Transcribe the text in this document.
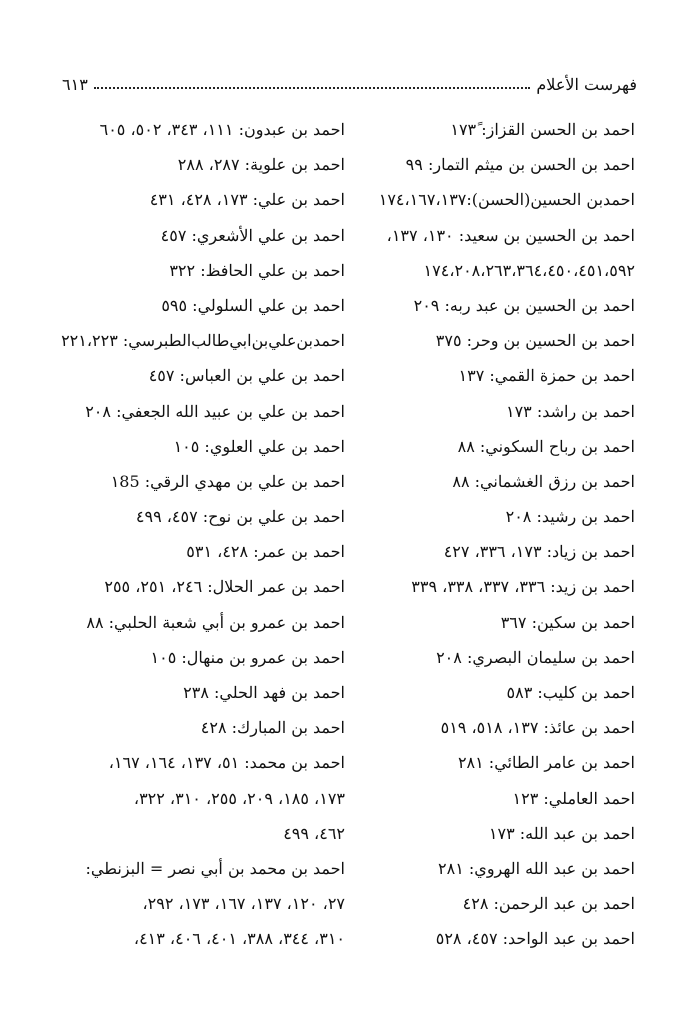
فهرست الأعلام
٦١٣
احمد بن الحسن القزاز: ١٧٣ً
احمد بن الحسن بن ميثم التمار: ٩٩
احمدبن الحسين(الحسن):١٧٤،١٦٧،١٣٧
احمد بن الحسين بن سعيد: ١٣٠، ١٣٧،
١٧٤،٢٠٨،٢٦٣،٣٦٤،٤٥٠،٤٥١،٥٩٢
احمد بن الحسين بن عبد ربه: ٢٠٩
احمد بن الحسين بن وحر: ٣٧٥
احمد بن حمزة القمي: ١٣٧
احمد بن راشد: ١٧٣
احمد بن رباح السكوني: ٨٨
احمد بن رزق الغشماني: ٨٨
احمد بن رشيد: ٢٠٨
احمد بن زياد: ١٧٣، ٣٣٦، ٤٢٧
احمد بن زيد: ٣٣٦، ٣٣٧، ٣٣٨، ٣٣٩
احمد بن سكين: ٣٦٧
احمد بن سليمان البصري: ٢٠٨
احمد بن كليب: ٥٨٣
احمد بن عائذ: ١٣٧، ٥١٨، ٥١٩
احمد بن عامر الطائي: ٢٨١
احمد العاملي: ١٢٣
احمد بن عبد الله: ١٧٣
احمد بن عبد الله الهروي: ٢٨١
احمد بن عبد الرحمن: ٤٢٨
احمد بن عبد الواحد: ٤٥٧، ٥٢٨
احمد بن عبدون: ١١١، ٣٤٣، ٥٠٢، ٦٠٥
احمد بن علوية: ٢٨٧، ٢٨٨
احمد بن علي: ١٧٣، ٤٢٨، ٤٣١
احمد بن علي الأشعري: ٤٥٧
احمد بن علي الحافظ: ٣٢٢
احمد بن علي السلولي: ٥٩٥
احمدبن‌علي‌بن‌ابي‌طالب‌الطبرسي: ٢٢١،٢٢٣
احمد بن علي بن العباس: ٤٥٧
احمد بن علي بن عبيد الله الجعفي: ٢٠٨
احمد بن علي العلوي: ١٠٥
احمد بن علي بن مهدي الرقي: ١85
احمد بن علي بن نوح: ٤٥٧، ٤٩٩
احمد بن عمر: ٤٢٨، ٥٣١
احمد بن عمر الحلال: ٢٤٦، ٢٥١، ٢٥٥
احمد بن عمرو بن أبي شعبة الحلبي: ٨٨
احمد بن عمرو بن منهال: ١٠٥
احمد بن فهد الحلي: ٢٣٨
احمد بن المبارك: ٤٢٨
احمد بن محمد: ٥١، ١٣٧، ١٦٤، ١٦٧،
١٧٣، ١٨٥، ٢٠٩، ٢٥٥، ٣١٠، ٣٢٢،
٤٦٢، ٤٩٩
احمد بن محمد بن أبي نصر = البزنطي:
٢٧، ١٢٠، ١٣٧، ١٦٧، ١٧٣، ٢٩٢،
٣١٠، ٣٤٤، ٣٨٨، ٤٠١، ٤٠٦، ٤١٣،
